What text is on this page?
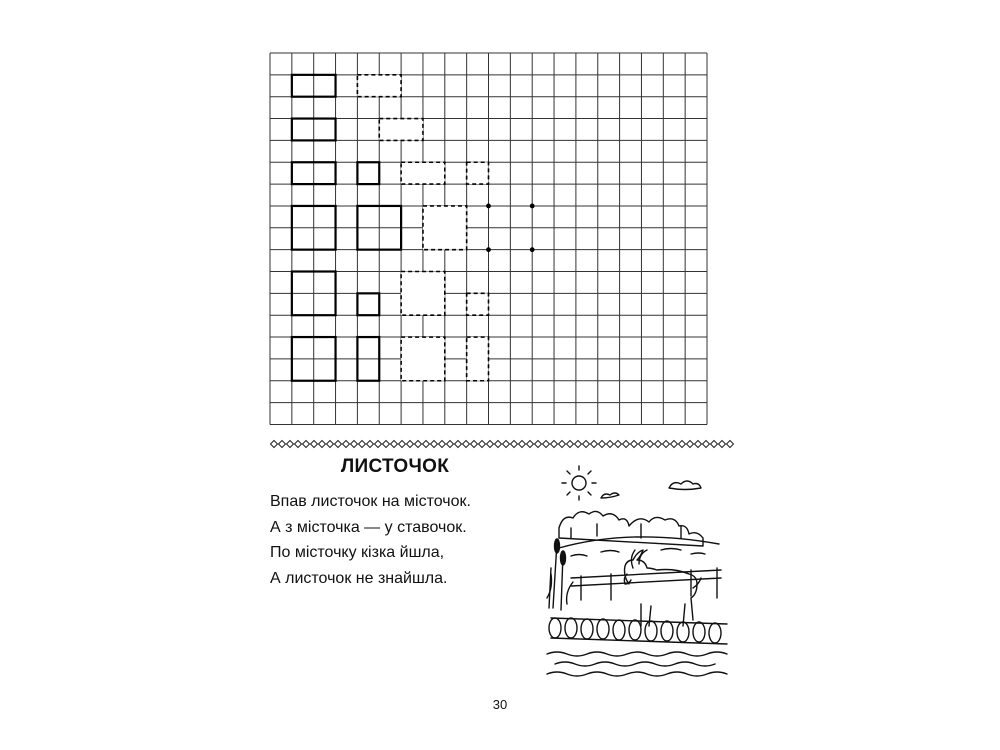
ЛИСТОЧОК
Впав листочок на місточок.
А з місточка — у ставочок.
По місточку кізка йшла,
А листочок не знайшла.
30
